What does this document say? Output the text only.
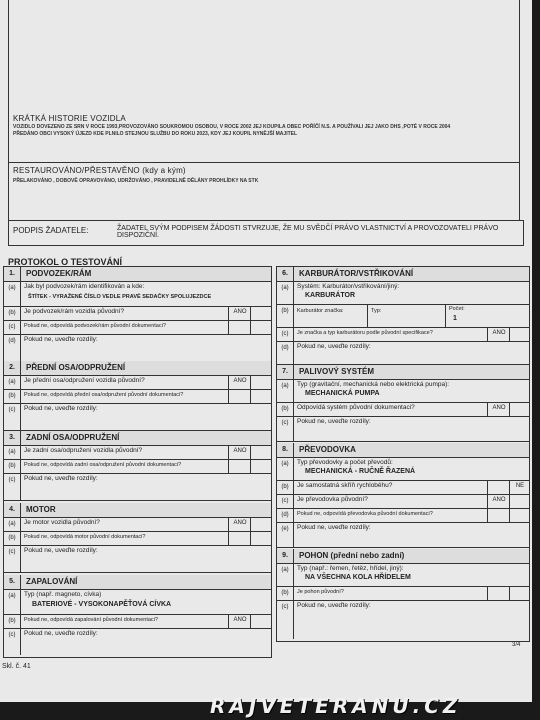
KRÁTKÁ HISTORIE VOZIDLA
VOZIDLO DOVEZENO ZE SRN V ROCE 1993,PROVOZOVÁNO SOUKROMOU OSOBOU, V ROCE 2002 JEJ KOUPILA OBEC POŘÍČÍ N.S. A POUŽÍVALI JEJ JAKO DHS ,POTÉ V ROCE 2004
PŘEDÁNO OBCI VYSOKÝ ÚJEZD KDE PLNILO STEJNOU SLUŽBU DO ROKU 2023, KDY JEJ KOUPIL NYNĚJŠÍ MAJITEL
RESTAUROVÁNO/PŘESTAVĚNO (kdy a kým)
PŘELAKOVÁNO , DOBOVĚ OPRAVOVÁNO, UDRŽOVÁNO , PRAVIDELNĚ DĚLÁNY PROHLÍDKY NA STK
PODPIS ŽADATELE:	ŽADATEL SVÝM PODPISEM ŽÁDOSTI STVRZUJE, ŽE MU SVĚDČÍ PRÁVO VLASTNICTVÍ A PROVOZOVATELI PRÁVO DISPOZIČNÍ.
PROTOKOL O TESTOVÁNÍ
1.	PODVOZEK/RÁM
(a)	Jak byl podvozek/rám identifikován a kde:
ŠTÍTEK - VYRAŽENÉ ČÍSLO VEDLE PRAVÉ SEDAČKY SPOLUJEZDCE
(b)	Je podvozek/rám vozidla původní?	ANO
(c)	Pokud ne, odpovídá podvozek/rám původní dokumentaci?
(d)	Pokud ne, uveďte rozdíly:
2.	PŘEDNÍ OSA/ODPRUŽENÍ
(a)	Je přední osa/odpružení vozidla původní?	ANO
(b)	Pokud ne, odpovídá přední osa/odpružení původní dokumentaci?
(c)	Pokud ne, uveďte rozdíly:
3.	ZADNÍ OSA/ODPRUŽENÍ
(a)	Je zadní osa/odpružení vozidla původní?	ANO
(b)	Pokud ne, odpovídá zadní osa/odpružení původní dokumentaci?
(c)	Pokud ne, uveďte rozdíly:
4.	MOTOR
(a)	Je motor vozidla původní?	ANO
(b)	Pokud ne, odpovídá motor původní dokumentaci?
(c)	Pokud ne, uveďte rozdíly:
5.	ZAPALOVÁNÍ
(a)	Typ (např. magneto, cívka)
BATERIOVÉ - VYSOKONAPĚŤOVÁ CÍVKA
(b)	Pokud ne, odpovídá zapalování původní dokumentaci?	ANO
(c)	Pokud ne, uveďte rozdíly:
6.	KARBURÁTOR/VSTŘIKOVÁNÍ
(a)	Systém: Karburátor/vstřikování/jiný:
KARBURÁTOR
(b)	Karburátor značka:	Typ:	Počet:
1
(c)	Je značka a typ karburátoru podle původní specifikace?	ANO
(d)	Pokud ne, uveďte rozdíly:
7.	PALIVOVÝ SYSTÉM
(a)	Typ (gravitační, mechanická nebo elektrická pumpa):
MECHANICKÁ PUMPA
(b)	Odpovídá systém původní dokumentaci?	ANO
(c)	Pokud ne, uveďte rozdíly:
8.	PŘEVODOVKA
(a)	Typ převodovky a počet převodů:
MECHANICKÁ - RUČNĚ ŘAZENÁ
(b)	Je samostatná skříň rychloběhu?	NE
(c)	Je převodovka původní?	ANO
(d)	Pokud ne, odpovídá převodovka původní dokumentaci?
(e)	Pokud ne, uveďte rozdíly:
9.	POHON (přední nebo zadní)
(a)	Typ (např.: řemen, řetěz, hřídel, jiný):
NA VŠECHNA KOLA HŘÍDELEM
(b)	Je pohon původní?
(c)	Pokud ne, uveďte rozdíly:
Skl. č. 41
3/4
RAJVETERANU.CZ
